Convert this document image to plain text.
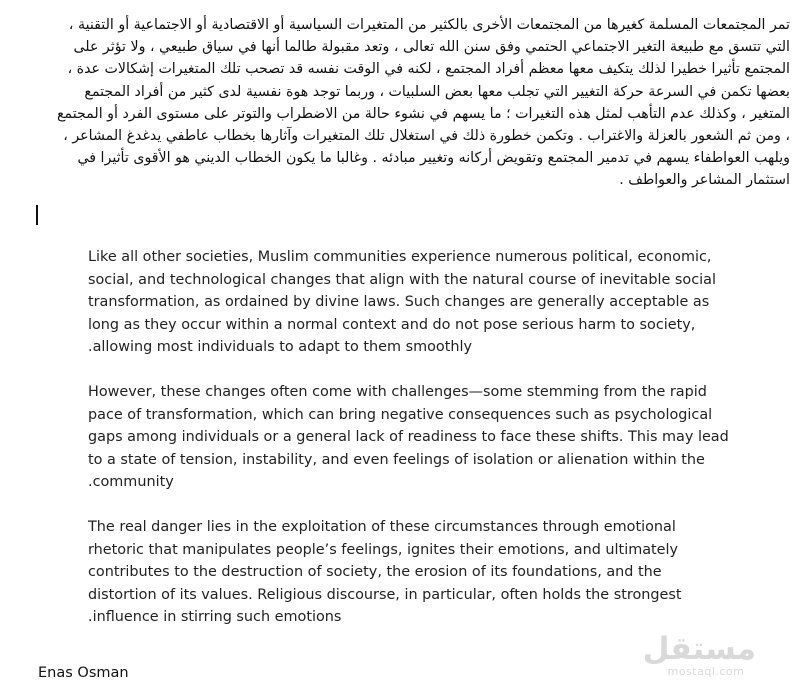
تمر المجتمعات المسلمة كغيرها من المجتمعات الأخرى بالكثير من المتغيرات السياسية أو الاقتصادية أو الاجتماعية أو التقنية ،
التي تتسق مع طبيعة التغير الاجتماعي الحتمي وفق سنن الله تعالى ، وتعد مقبولة طالما أنها في سياق طبيعي ، ولا تؤثر على
المجتمع تأثيرا خطيرا لذلك يتكيف معها معظم أفراد المجتمع ، لكنه في الوقت نفسه قد تصحب تلك المتغيرات إشكالات عدة ،
بعضها تكمن في السرعة حركة التغيير التي تجلب معها بعض السلبيات ، وربما توجد هوة نفسية لدى كثير من أفراد المجتمع
المتغير ، وكذلك عدم التأهب لمثل هذه التغيرات ؛ ما يسهم في نشوء حالة من الاضطراب والتوتر على مستوى الفرد أو المجتمع
، ومن ثم الشعور بالعزلة والاغتراب . وتكمن خطورة ذلك في استغلال تلك المتغيرات وآثارها بخطاب عاطفي يدغدغ المشاعر ،
ويلهب العواطفاء يسهم في تدمير المجتمع وتقويض أركانه وتغيير مبادئه . وغالبا ما يكون الخطاب الديني هو الأقوى تأثيرا في
استثمار المشاعر والعواطف .

Like all other societies, Muslim communities experience numerous political, economic,
social, and technological changes that align with the natural course of inevitable social
transformation, as ordained by divine laws. Such changes are generally acceptable as
long as they occur within a normal context and do not pose serious harm to society,
.allowing most individuals to adapt to them smoothly

However, these changes often come with challenges—some stemming from the rapid
pace of transformation, which can bring negative consequences such as psychological
gaps among individuals or a general lack of readiness to face these shifts. This may lead
to a state of tension, instability, and even feelings of isolation or alienation within the
.community

The real danger lies in the exploitation of these circumstances through emotional
rhetoric that manipulates people’s feelings, ignites their emotions, and ultimately
contributes to the destruction of society, the erosion of its foundations, and the
distortion of its values. Religious discourse, in particular, often holds the strongest
.influence in stirring such emotions

Enas Osman
مستقل
mostaql.com
